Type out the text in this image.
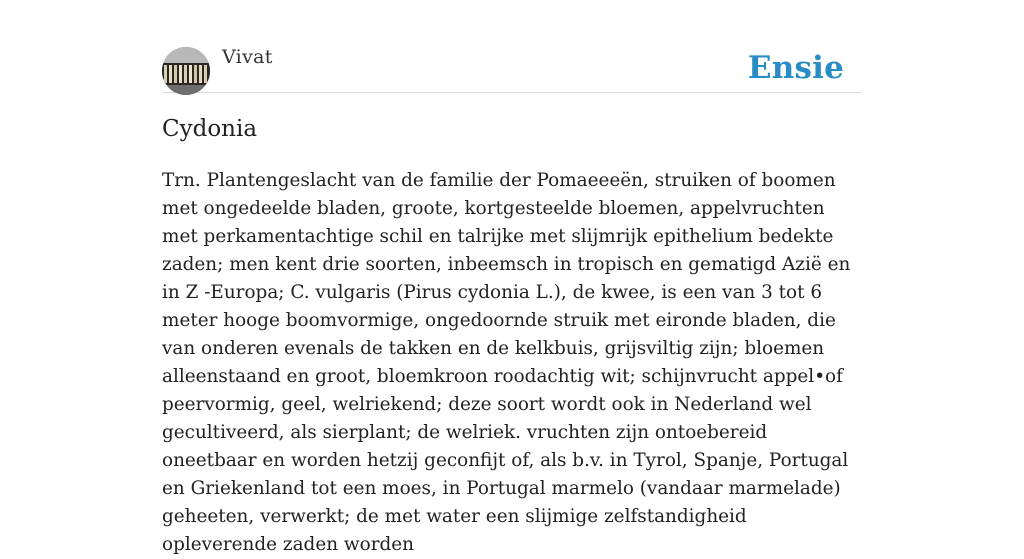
Vivat	Ensie
Cydonia

Trn. Plantengeslacht van de familie der Pomaeeeën, struiken of boomen met ongedeelde bladen, groote, kortgesteelde bloemen, appelvruchten met perkamentachtige schil en talrijke met slijmrijk epithelium bedekte zaden; men kent drie soorten, inbeemsch in tropisch en gematigd Azië en in Z -Europa; C. vulgaris (Pirus cydonia L.), de kwee, is een van 3 tot 6 meter hooge boomvormige, ongedoornde struik met eironde bladen, die van onderen evenals de takken en de kelkbuis, grijsviltig zijn; bloemen alleenstaand en groot, bloemkroon roodachtig wit; schijnvrucht appel•of peervormig, geel, welriekend; deze soort wordt ook in Nederland wel gecultiveerd, als sierplant; de welriek. vruchten zijn ontoebereid oneetbaar en worden hetzij geconfijt of, als b.v. in Tyrol, Spanje, Portugal en Griekenland tot een moes, in Portugal marmelo (vandaar marmelade) geheeten, verwerkt; de met water een slijmige zelfstandigheid opleverende zaden worden
